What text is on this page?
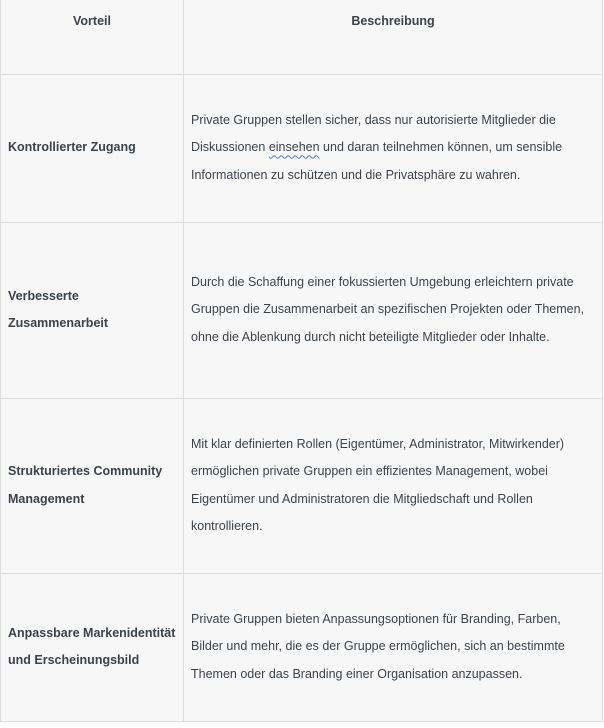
Vorteil	Beschreibung
Kontrollierter Zugang	Private Gruppen stellen sicher, dass nur autorisierte Mitglieder die Diskussionen einsehen und daran teilnehmen können, um sensible Informationen zu schützen und die Privatsphäre zu wahren.
Verbesserte Zusammenarbeit	Durch die Schaffung einer fokussierten Umgebung erleichtern private Gruppen die Zusammenarbeit an spezifischen Projekten oder Themen, ohne die Ablenkung durch nicht beteiligte Mitglieder oder Inhalte.
Strukturiertes Community Management	Mit klar definierten Rollen (Eigentümer, Administrator, Mitwirkender) ermöglichen private Gruppen ein effizientes Management, wobei Eigentümer und Administratoren die Mitgliedschaft und Rollen kontrollieren.
Anpassbare Markenidentität und Erscheinungsbild	Private Gruppen bieten Anpassungsoptionen für Branding, Farben, Bilder und mehr, die es der Gruppe ermöglichen, sich an bestimmte Themen oder das Branding einer Organisation anzupassen.
